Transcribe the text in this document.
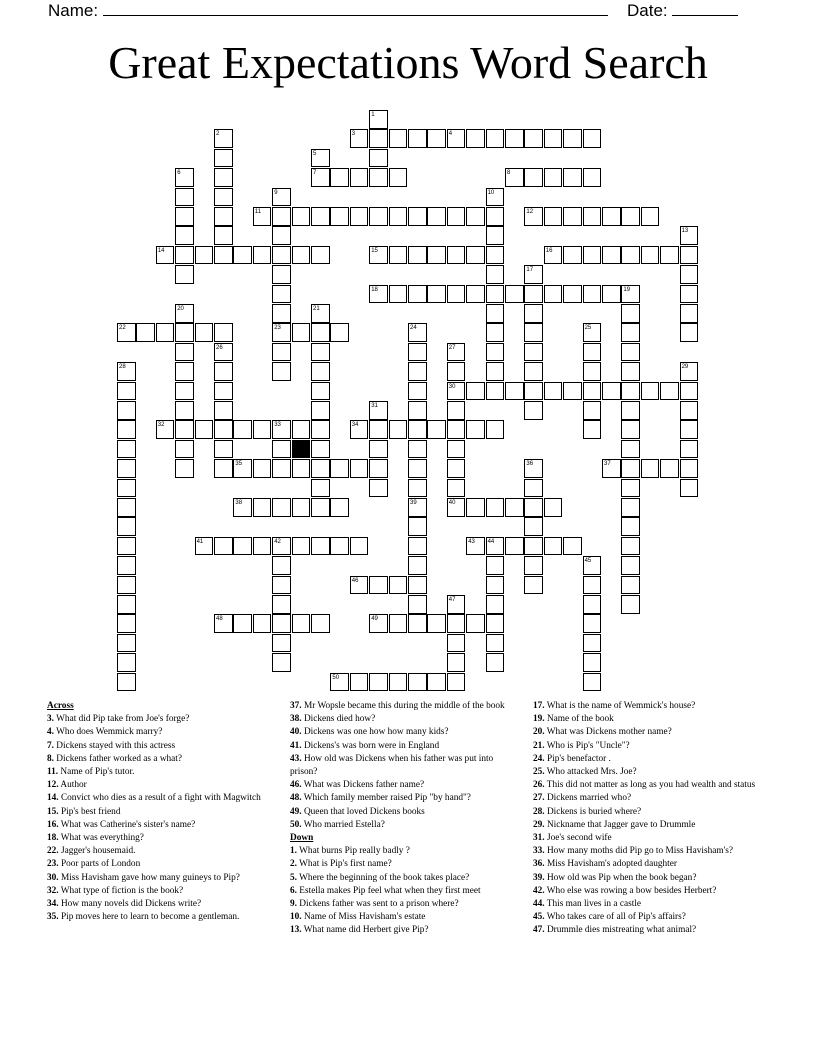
Name:	Date:
Great Expectations Word Search
1
2	3	4
5
7
6	8
9
23
10
11	12
13
14	15	16
17
18	19
20	21
22	24	25
26	27
30
28	29
31
32	33	34
35	36	37
38	39	40
41	42	43 44
45
46
47
48	49
50
Across
3. What did Pip take from Joe's forge?
4. Who does Wemmick marry?
7. Dickens stayed with this actress
8. Dickens father worked as a what?
11. Name of Pip's tutor.
12. Author
14. Convict who dies as a result of a fight with Magwitch
15. Pip's best friend
16. What was Catherine's sister's name?
18. What was everything?
22. Jagger's housemaid.
23. Poor parts of London
30. Miss Havisham gave how many guineys to Pip?
32. What type of fiction is the book?
34. How many novels did Dickens write?
35. Pip moves here to learn to become a gentleman.
37. Mr Wopsle became this during the middle of the book
38. Dickens died how?
40. Dickens was one how how many kids?
41. Dickens's was born were in England
43. How old was Dickens when his father was put into prison?
46. What was Dickens father name?
48. Which family member raised Pip "by hand"?
49. Queen that loved Dickens books
50. Who married Estella?
Down
1. What burns Pip really badly ?
2. What is Pip's first name?
5. Where the beginning of the book takes place?
6. Estella makes Pip feel what when they first meet
9. Dickens father was sent to a prison where?
10. Name of Miss Havisham's estate
13. What name did Herbert give Pip?
17. What is the name of Wemmick's house?
19. Name of the book
20. What was Dickens mother name?
21. Who is Pip's "Uncle"?
24. Pip's benefactor .
25. Who attacked Mrs. Joe?
26. This did not matter as long as you had wealth and status
27. Dickens married who?
28. Dickens is buried where?
29. Nickname that Jagger gave to Drummle
31. Joe's second wife
33. How many moths did Pip go to Miss Havisham's?
36. Miss Havisham's adopted daughter
39. How old was Pip when the book began?
42. Who else was rowing a bow besides Herbert?
44. This man lives in a castle
45. Who takes care of all of Pip's affairs?
47. Drummle dies mistreating what animal?
